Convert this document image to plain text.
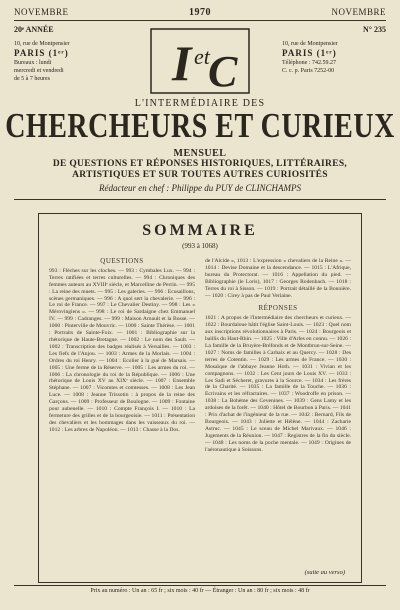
NOVEMBRE	1970	NOVEMBRE
20ᵉ ANNÉE	N° 235
10, rue de Montpensier
PARIS (1ᵉʳ)
Bureaux : lundi
mercredi et vendredi
de 5 à 7 heures
10, rue de Montpensier
PARIS (1ᵉʳ)
Téléphone : 742.59.27
C. c. p. Paris 7252-00
I et
C
L'INTERMÉDIAIRE DES
CHERCHEURS ET CURIEUX
MENSUEL
DE QUESTIONS ET RÉPONSES HISTORIQUES, LITTÉRAIRES,
ARTISTIQUES ET SUR TOUTES AUTRES CURIOSITÉS
Rédacteur en chef : Philippe du PUY de CLINCHAMPS
SOMMAIRE
(993 à 1068)
QUESTIONS

993 : Flèches sur les cloches. — 993 : Cymbales Lux. — 994 : Terres ratifiées et terres culturelles. — 994 : Chroniques des femmes auteurs au XVIIIᵉ siècle, et Marcelline de Perrin. — 995 : La reine des muets. — 995 : Les galeries. — 996 : Ecusaillons, scènes germaniques. — 996 : A quoi sert la chevalerie. — 996 : Le roi de France. — 997 : Le Chevalier Destiny. — 998 : Les « Mérovingiens ». — 998 : Le roi de Sardaigne chez Emmanuel IV. — 999 : Cadranges. — 999 : Maison Arnault et la Bosse. — 1000 : Pinterville de Mouvric. — 1000 : Sainte Thérèse. — 1001 : Portraits de Sainte-Foix. — 1001 : Bibliographie sur la rhétorique de Haute-Bretagne. — 1002 : Le nom des Sault. — 1002 : Transcription des badges réalisés à Versailles. — 1003 : Les fiefs de l'Anjou. — 1003 : Armes de la Morlais. — 1004 : Ordres du roi Henry. — 1004 : Ecolier à la gué de Marsais. — 1005 : Une ferme de la Réserve. — 1005 : Les armes du roi. — 1006 : La chronologie du roi de la République. — 1006 : Une rhétorique de Louis XV au XIXᵉ siècle. — 1007 : Ensemble Stéphane. — 1007 : Vicomtes et comtesses. — 1008 : Les Jean Luce. — 1008 : Jeanne Trissotin : à propos de la reine des Garçons. — 1009 : Professeur de Boulogne. — 1009 : Fontaine pour aubenelle. — 1010 : Compte François I. — 1010 : La fermeture des grilles et de la bourgeoisie. — 1011 : Présentation des chevaliers et les hommages dans les vaisseaux du roi. — 1012 : Les arbres de Napoléon. — 1013 : Chasse à la Dos.

de l'Alcide », 1013 : L'expression « chevaliers de la Reine ». — 1014 : Devise Domaine et la descendance. — 1015 : L'Afrique, bureau du Protectorat. — 1016 : Appellation du pied. — Bibliographie (le Loris), 1017 : Georges Rodenbach. — 1018 : Terres du roi à Sisson. — 1019 : Portrait détaillé de la Bonnière. — 1020 : Cirey à pas de Paul Verlaine.

RÉPONSES

1021 : A propos de l'Intermédiaire des chercheurs et curieux. — 1022 : Bourdaloue bâtit l'église Saint-Louis. — 1023 : Quel nom aux inscriptions révolutionnaires à Paris. — 1024 : Bourgeois et baillis du Haut-Rhin. — 1025 : Ville d'Arles en connu. — 1026 : La famille de la Bruyère-Bréfonds et de Montbrun-sur-Seine. — 1027 : Noms de familles à Carhaix et au Quercy. — 1028 : Des terres de Cotentin. — 1029 : Les armes de France. — 1030 : Mosaïque de l'abbaye Jeanne Hoth. — 1031 : Vivian et les compagnons. — 1032 : Les Cent jours de Louis XV. — 1033 : Les Sadi et Sécheret, gravures à la Source. — 1034 : Les frères de la Charité. — 1035 : La famille de la Touche. — 1036 : Ecrivains et les réfractaires. — 1037 : Woodroffe en prison. — 1038 : La Bohème des Cevenines. — 1039 : Gens Lamy et les ardoises de la forêt. — 1040 : Hôtel de Bourbon à Paris. — 1041 : Prix d'achat de l'ingénieur de la rue. — 1042 : Bernard, Fils de Bourgeois. — 1043 : Juliette et Hélène. — 1044 : Zacharie Astruc. — 1045 : Le sceau de Michel Marivaux. — 1046 : Jugements de la Réunion. — 1047 : Registres de la fin du siècle. — 1048 : Les noms de la poche mentale. — 1049 : Origines de l'aéronautique à Soissons.

(suite au verso)
Prix au numéro : Un an : 65 fr ; six mois : 40 fr — Étranger : Un an : 80 fr ; six mois : 48 fr
